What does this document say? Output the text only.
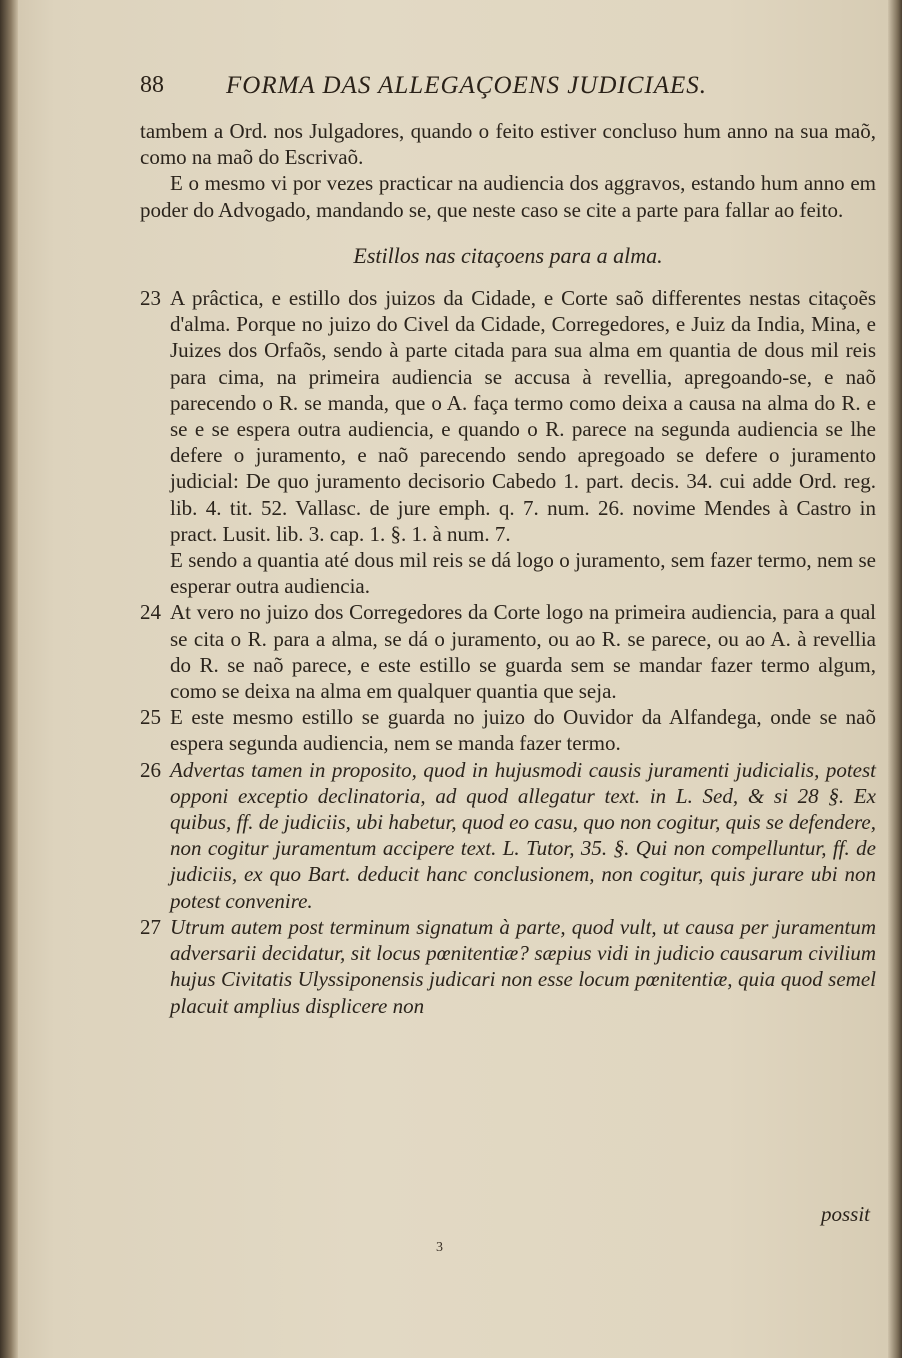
88 FORMA DAS ALLEGAÇOENS JUDICIAES.

tambem a Ord. nos Julgadores, quando o feito estiver concluso hum anno na sua maõ, como na maõ do Escrivaõ.

E o mesmo vi por vezes practicar na audiencia dos aggravos, estando hum anno em poder do Advogado, mandando se, que neste caso se cite a parte para fallar ao feito.

Estillos nas citaçoens para a alma.

23 A prâctica, e estillo dos juizos da Cidade, e Corte saõ differentes nestas citaçoẽs d'alma. Porque no juizo do Civel da Cidade, Corregedores, e Juiz da India, Mina, e Juizes dos Orfaõs, sendo à parte citada para sua alma em quantia de dous mil reis para cima, na primeira audiencia se accusa à revellia, apregoando-se, e naõ parecendo o R. se manda, que o A. faça termo como deixa a causa na alma do R. e se e se espera outra audiencia, e quando o R. parece na segunda audiencia se lhe defere o juramento, e naõ parecendo sendo apregoado se defere o juramento judicial: De quo juramento decisorio Cabedo 1. part. decis. 34. cui adde Ord. reg. lib. 4. tit. 52. Vallasc. de jure emph. q. 7. num. 26. novime Mendes à Castro in pract. Lusit. lib. 3. cap. 1. §. 1. à num. 7.

E sendo a quantia até dous mil reis se dá logo o juramento, sem fazer termo, nem se esperar outra audiencia.

24 At vero no juizo dos Corregedores da Corte logo na primeira audiencia, para a qual se cita o R. para a alma, se dá o juramento, ou ao R. se parece, ou ao A. à revellia do R. se naõ parece, e este estillo se guarda sem se mandar fazer termo algum, como se deixa na alma em qualquer quantia que seja.

25 E este mesmo estillo se guarda no juizo do Ouvidor da Alfandega, onde se naõ espera segunda audiencia, nem se manda fazer termo.

26 Advertas tamen in proposito, quod in hujusmodi causis juramenti judicialis, potest opponi exceptio declinatoria, ad quod allegatur text. in L. Sed, & si 28 §. Ex quibus, ff. de judiciis, ubi habetur, quod eo casu, quo non cogitur, quis se defendere, non cogitur juramentum accipere text. L. Tutor, 35. §. Qui non compelluntur, ff. de judiciis, ex quo Bart. deducit hanc conclusionem, non cogitur, quis jurare ubi non potest convenire.

27 Utrum autem post terminum signatum à parte, quod vult, ut causa per juramentum adversarii decidatur, sit locus pœnitentiæ? sæpius vidi in judicio causarum civilium hujus Civitatis Ulyssiponensis judicari non esse locum pœnitentiæ, quia quod semel placuit amplius displicere non

possit
3
